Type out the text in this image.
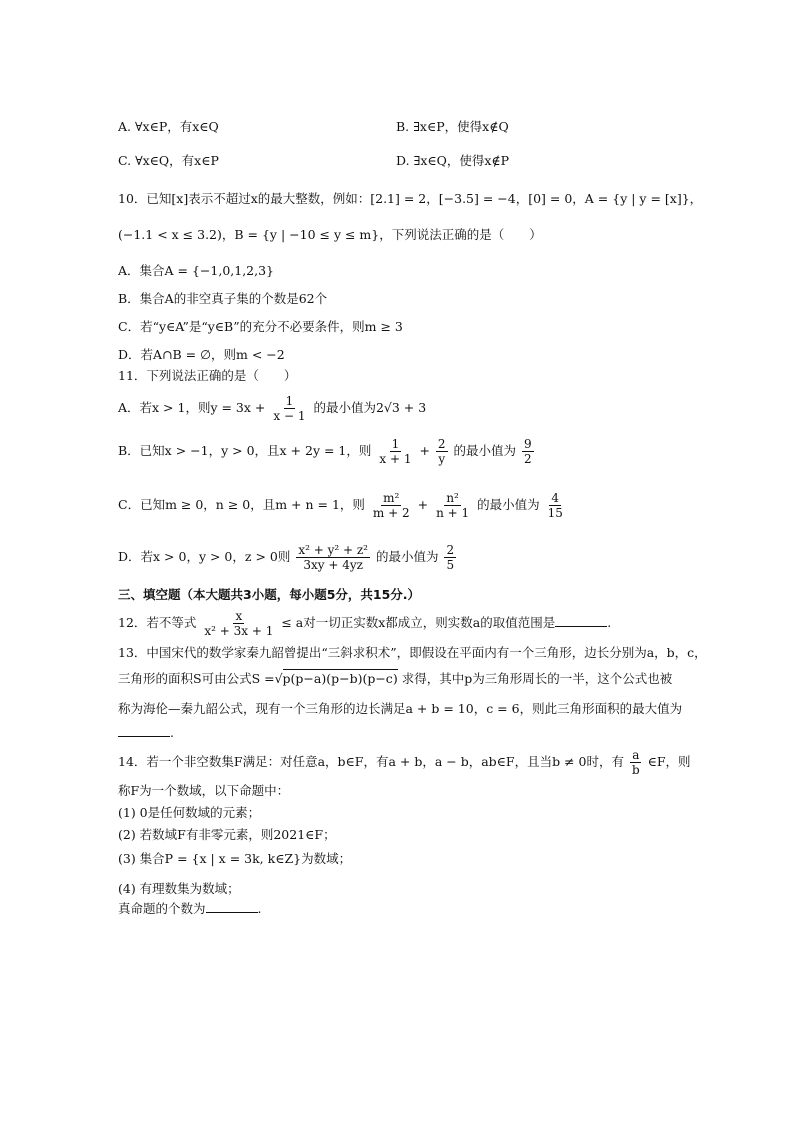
A. ∀x∈P，有x∈Q	B. ∃x∈P，使得x∉Q
C. ∀x∈Q，有x∈P	D. ∃x∈Q，使得x∉P
10．已知[x]表示不超过x的最大整数，例如：[2.1] = 2，[−3.5] = −4，[0] = 0，A = {y | y = [x]}，
(−1.1 < x ≤ 3.2)，B = {y | −10 ≤ y ≤ m}，下列说法正确的是（　　）
A．集合A = {−1,0,1,2,3}
B．集合A的非空真子集的个数是62个
C．若“y∈A”是“y∈B”的充分不必要条件，则m ≥ 3
D．若A∩B = ∅，则m < −2
11．下列说法正确的是（　　）
A．若x > 1，则$y = 3x + \frac{1}{x - 1}$ 的最小值为2√3 + 3
B．已知x > −1，y > 0，且x + 2y = 1，则 $\frac{1}{x + 1} + \frac{2}{y}$ 的最小值为 $\frac{9}{2}$
C．已知m ≥ 0，n ≥ 0，且m + n = 1，则 $\frac{\text{m²}}{m + 2} + \frac{\text{n²}}{n + 1}$ 的最小值为 $\frac{4}{15}$
D．若x > 0，y > 0，z > 0则 $\frac{\text{x² + y² + z²}}{3xy + 4yz}$ 的最小值为 $\frac{2}{5}$
三、填空题（本大题共3小题，每小题5分，共15分.）
12．若不等式 $\frac{x}{\text{x² + 3x + 1}} \le a$对一切正实数x都成立，则实数a的取值范围是	.
13．中国宋代的数学家秦九韶曾提出“三斜求积术”，即假设在平面内有一个三角形，边长分别为a，b，c，
三角形的面积S可由公式S =√p(p−a)(p−b)(p−c) 求得，其中p为三角形周长的一半，这个公式也被
称为海伦—秦九韶公式，现有一个三角形的边长满足a + b = 10，c = 6，则此三角形面积的最大值为
.
14．若一个非空数集F满足：对任意a，b∈F，有a + b，a − b，ab∈F，且当b ≠ 0时，有 $\frac{a}{b}$ ∈F，则
称F为一个数域，以下命题中：
(1) 0是任何数域的元素；
(2) 若数域F有非零元素，则2021∈F；
(3) 集合P = {x | x = 3k, k∈Z}为数域；
(4) 有理数集为数域；
真命题的个数为	.
